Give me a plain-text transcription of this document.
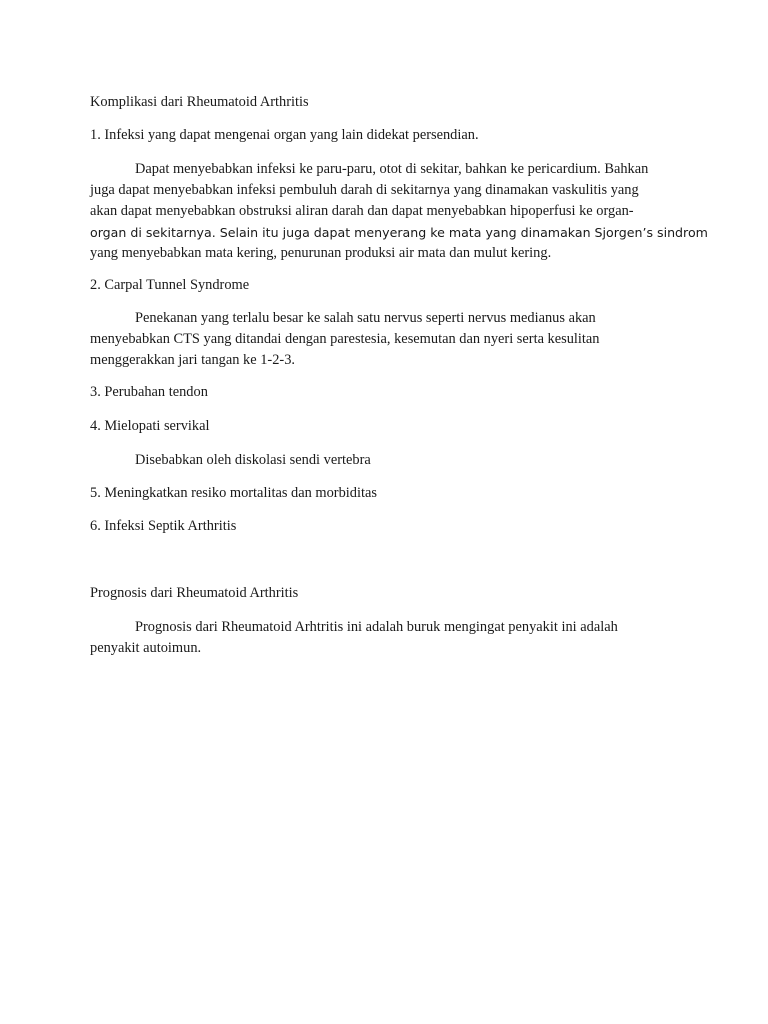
Komplikasi dari Rheumatoid Arthritis

1. Infeksi yang dapat mengenai organ yang lain didekat persendian.

Dapat menyebabkan infeksi ke paru-paru, otot di sekitar, bahkan ke pericardium. Bahkan
juga dapat menyebabkan infeksi pembuluh darah di sekitarnya yang dinamakan vaskulitis yang
akan dapat menyebabkan obstruksi aliran darah dan dapat menyebabkan hipoperfusi ke organ-
organ di sekitarnya. Selain itu juga dapat menyerang ke mata yang dinamakan Sjorgen’s sindrom
yang menyebabkan mata kering, penurunan produksi air mata dan mulut kering.

2. Carpal Tunnel Syndrome

Penekanan yang terlalu besar ke salah satu nervus seperti nervus medianus akan
menyebabkan CTS yang ditandai dengan parestesia, kesemutan dan nyeri serta kesulitan
menggerakkan jari tangan ke 1-2-3.

3. Perubahan tendon

4. Mielopati servikal

Disebabkan oleh diskolasi sendi vertebra

5. Meningkatkan resiko mortalitas dan morbiditas

6. Infeksi Septik Arthritis

Prognosis dari Rheumatoid Arthritis

Prognosis dari Rheumatoid Arhtritis ini adalah buruk mengingat penyakit ini adalah
penyakit autoimun.
